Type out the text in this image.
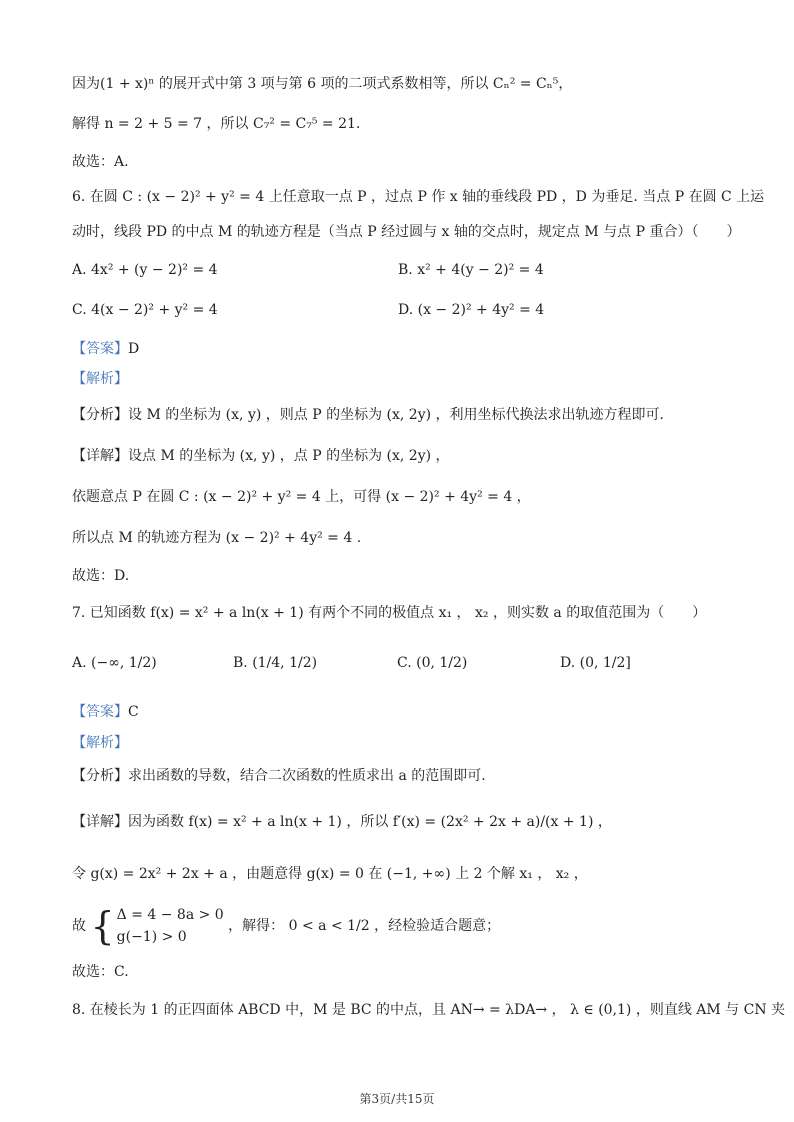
因为(1 + x)ⁿ 的展开式中第 3 项与第 6 项的二项式系数相等，所以 Cₙ² = Cₙ⁵，
解得 n = 2 + 5 = 7 ，所以 C₇² = C₇⁵ = 21.
故选：A.
6. 在圆 C : (x − 2)² + y² = 4 上任意取一点 P ，过点 P 作 x 轴的垂线段 PD ，D 为垂足. 当点 P 在圆 C 上运
动时，线段 PD 的中点 M 的轨迹方程是（当点 P 经过圆与 x 轴的交点时，规定点 M 与点 P 重合）（　　）
A. 4x² + (y − 2)² = 4	B. x² + 4(y − 2)² = 4
C. 4(x − 2)² + y² = 4	D. (x − 2)² + 4y² = 4
【答案】D
【解析】
【分析】设 M 的坐标为 (x, y) ，则点 P 的坐标为 (x, 2y) ，利用坐标代换法求出轨迹方程即可.
【详解】设点 M 的坐标为 (x, y) ，点 P 的坐标为 (x, 2y) ，
依题意点 P 在圆 C : (x − 2)² + y² = 4 上，可得 (x − 2)² + 4y² = 4 ，
所以点 M 的轨迹方程为 (x − 2)² + 4y² = 4 .
故选：D.
7. 已知函数 f(x) = x² + a ln(x + 1) 有两个不同的极值点 x₁ ， x₂ ，则实数 a 的取值范围为（　　）
A. (−∞, 1/2)	B. (1/4, 1/2)	C. (0, 1/2)	D. (0, 1/2]
【答案】C
【解析】
【分析】求出函数的导数，结合二次函数的性质求出 a 的范围即可.
【详解】因为函数 f(x) = x² + a ln(x + 1) ，所以 f′(x) = (2x² + 2x + a)/(x + 1) ，
令 g(x) = 2x² + 2x + a ，由题意得 g(x) = 0 在 (−1, +∞) 上 2 个解 x₁ ， x₂ ，
故 { Δ = 4 − 8a > 0
g(−1) > 0
，解得： 0 < a < 1/2 ，经检验适合题意；
故选：C.
8. 在棱长为 1 的正四面体 ABCD 中，M 是 BC 的中点，且 AN→ = λDA→ ， λ ∈ (0,1) ，则直线 AM 与 CN 夹
第3页/共15页
